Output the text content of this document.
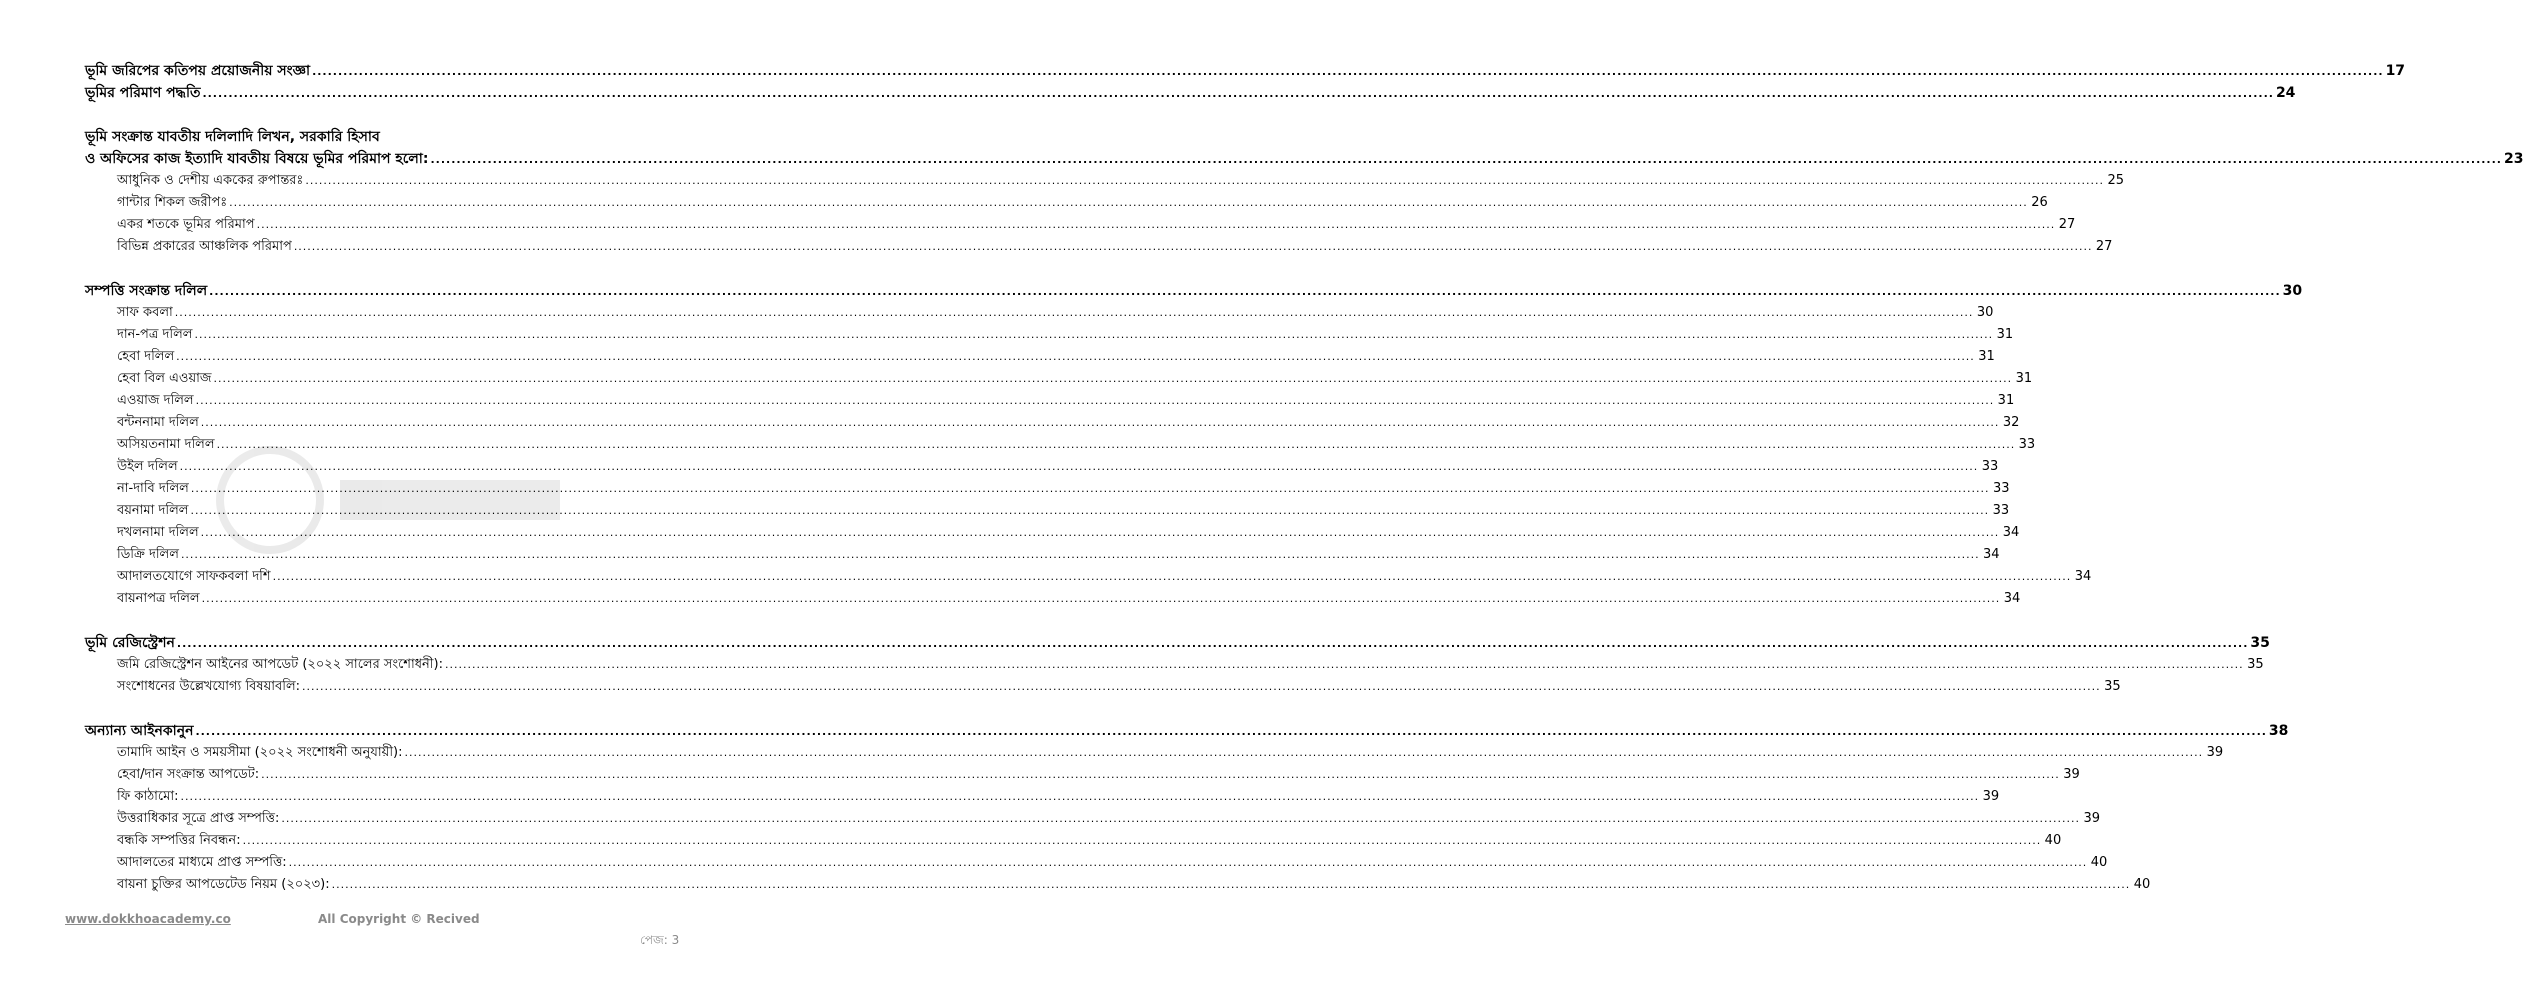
ভূমি জরিপের কতিপয় প্রয়োজনীয় সংজ্ঞা ................................................................................................................................................................................................................................................................................................................................................................................................................ 17
ভূমির পরিমাণ পদ্ধতি ................................................................................................................................................................................................................................................................................................................................................................................................................ 24
ভূমি সংক্রান্ত যাবতীয় দলিলাদি লিখন, সরকারি হিসাব
ও অফিসের কাজ ইত্যাদি যাবতীয় বিষয়ে ভূমির পরিমাপ হলো: ................................................................................................................................................................................................................................................................................................................................................................................................................ 23
আধুনিক ও দেশীয় এককের রুপান্তরঃ ................................................................................................................................................................................................................................................................................................................................................................................................................ 25
গান্টার শিকল জরীপঃ ................................................................................................................................................................................................................................................................................................................................................................................................................ 26
একর শতকে ভূমির পরিমাপ ................................................................................................................................................................................................................................................................................................................................................................................................................ 27
বিভিন্ন প্রকারের আঞ্চলিক পরিমাপ ................................................................................................................................................................................................................................................................................................................................................................................................................ 27
সম্পত্তি সংক্রান্ত দলিল ................................................................................................................................................................................................................................................................................................................................................................................................................ 30
সাফ কবলা ................................................................................................................................................................................................................................................................................................................................................................................................................ 30
দান-পত্র দলিল ................................................................................................................................................................................................................................................................................................................................................................................................................ 31
হেবা দলিল ................................................................................................................................................................................................................................................................................................................................................................................................................ 31
হেবা বিল এওয়াজ ................................................................................................................................................................................................................................................................................................................................................................................................................ 31
এওয়াজ দলিল ................................................................................................................................................................................................................................................................................................................................................................................................................ 31
বন্টননামা দলিল ................................................................................................................................................................................................................................................................................................................................................................................................................ 32
অসিয়তনামা দলিল ................................................................................................................................................................................................................................................................................................................................................................................................................ 33
উইল দলিল ................................................................................................................................................................................................................................................................................................................................................................................................................ 33
না-দাবি দলিল ................................................................................................................................................................................................................................................................................................................................................................................................................ 33
বয়নামা দলিল ................................................................................................................................................................................................................................................................................................................................................................................................................ 33
দখলনামা দলিল ................................................................................................................................................................................................................................................................................................................................................................................................................ 34
ডিক্রি দলিল ................................................................................................................................................................................................................................................................................................................................................................................................................ 34
আদালতযোগে সাফকবলা দশি ................................................................................................................................................................................................................................................................................................................................................................................................................ 34
বায়নাপত্র দলিল ................................................................................................................................................................................................................................................................................................................................................................................................................ 34
ভূমি রেজিস্ট্রেশন ................................................................................................................................................................................................................................................................................................................................................................................................................ 35
জমি রেজিস্ট্রেশন আইনের আপডেট (২০২২ সালের সংশোধনী): ................................................................................................................................................................................................................................................................................................................................................................................................................ 35
সংশোধনের উল্লেখযোগ্য বিষয়াবলি: ................................................................................................................................................................................................................................................................................................................................................................................................................ 35
অন্যান্য আইনকানুন ................................................................................................................................................................................................................................................................................................................................................................................................................ 38
তামাদি আইন ও সময়সীমা (২০২২ সংশোধনী অনুযায়ী): ................................................................................................................................................................................................................................................................................................................................................................................................................ 39
হেবা/দান সংক্রান্ত আপডেট: ................................................................................................................................................................................................................................................................................................................................................................................................................ 39
ফি কাঠামো: ................................................................................................................................................................................................................................................................................................................................................................................................................ 39
উত্তরাধিকার সূত্রে প্রাপ্ত সম্পত্তি: ................................................................................................................................................................................................................................................................................................................................................................................................................ 39
বন্ধকি সম্পত্তির নিবন্ধন: ................................................................................................................................................................................................................................................................................................................................................................................................................ 40
আদালতের মাধ্যমে প্রাপ্ত সম্পত্তি: ................................................................................................................................................................................................................................................................................................................................................................................................................ 40
বায়না চুক্তির আপডেটেড নিয়ম (২০২৩): ................................................................................................................................................................................................................................................................................................................................................................................................................ 40
www.dokkhoacademy.co	All Copyright © Recived
পেজ: 3
